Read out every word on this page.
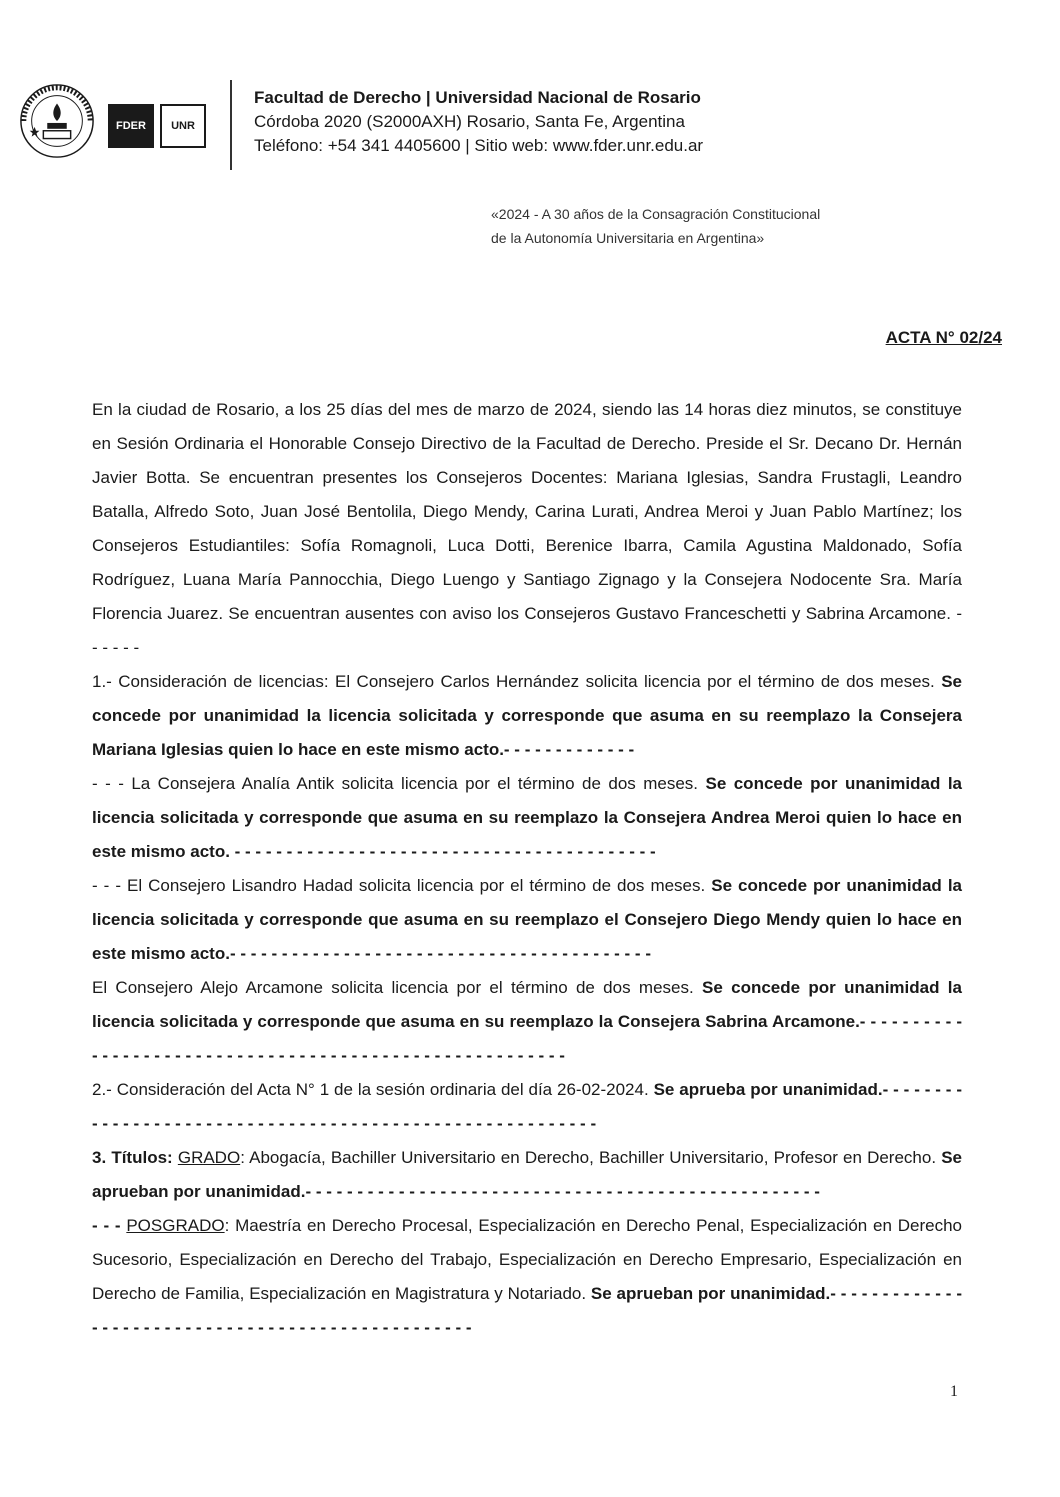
FDER	UNR
Facultad de Derecho | Universidad Nacional de Rosario
Córdoba 2020 (S2000AXH) Rosario, Santa Fe, Argentina
Teléfono: +54 341 4405600 | Sitio web: www.fder.unr.edu.ar
«2024 - A 30 años de la Consagración Constitucional
de la Autonomía Universitaria en Argentina»
ACTA N° 02/24

En la ciudad de Rosario, a los 25 días del mes de marzo de 2024, siendo las 14 horas diez minutos, se constituye en Sesión Ordinaria el Honorable Consejo Directivo de la Facultad de Derecho. Preside el Sr. Decano Dr. Hernán Javier Botta. Se encuentran presentes los Consejeros Docentes: Mariana Iglesias, Sandra Frustagli, Leandro Batalla, Alfredo Soto, Juan José Bentolila, Diego Mendy, Carina Lurati, Andrea Meroi y Juan Pablo Martínez; los Consejeros Estudiantiles: Sofía Romagnoli, Luca Dotti, Berenice Ibarra, Camila Agustina Maldonado, Sofía Rodríguez, Luana María Pannocchia, Diego Luengo y Santiago Zignago y la Consejera Nodocente Sra. María Florencia Juarez. Se encuentran ausentes con aviso los Consejeros Gustavo Franceschetti y Sabrina Arcamone. - - - - - -

1.- Consideración de licencias: El Consejero Carlos Hernández solicita licencia por el término de dos meses. Se concede por unanimidad la licencia solicitada y corresponde que asuma en su reemplazo la Consejera Mariana Iglesias quien lo hace en este mismo acto.- - - - - - - - - - - - -

- - - La Consejera Analía Antik solicita licencia por el término de dos meses. Se concede por unanimidad la licencia solicitada y corresponde que asuma en su reemplazo la Consejera Andrea Meroi quien lo hace en este mismo acto. - - - - - - - - - - - - - - - - - - - - - - - - - - - - - - - - - - - - - - - - -

- - - El Consejero Lisandro Hadad solicita licencia por el término de dos meses. Se concede por unanimidad la licencia solicitada y corresponde que asuma en su reemplazo el Consejero Diego Mendy quien lo hace en este mismo acto.- - - - - - - - - - - - - - - - - - - - - - - - - - - - - - - - - - - - - - - - -

El Consejero Alejo Arcamone solicita licencia por el término de dos meses. Se concede por unanimidad la licencia solicitada y corresponde que asuma en su reemplazo la Consejera Sabrina Arcamone.- - - - - - - - - - - - - - - - - - - - - - - - - - - - - - - - - - - - - - - - - - - - - - - - - - - - - - - -

2.- Consideración del Acta N° 1 de la sesión ordinaria del día 26-02-2024. Se aprueba por unanimidad.- - - - - - - - - - - - - - - - - - - - - - - - - - - - - - - - - - - - - - - - - - - - - - - - - - - - - - - - -

3. Títulos: GRADO: Abogacía, Bachiller Universitario en Derecho, Bachiller Universitario, Profesor en Derecho. Se aprueban por unanimidad.- - - - - - - - - - - - - - - - - - - - - - - - - - - - - - - - - - - - - - - - - - - - - - - - - -

- - - POSGRADO: Maestría en Derecho Procesal, Especialización en Derecho Penal, Especialización en Derecho Sucesorio, Especialización en Derecho del Trabajo, Especialización en Derecho Empresario, Especialización en Derecho de Familia, Especialización en Magistratura y Notariado. Se aprueban por unanimidad.- - - - - - - - - - - - - - - - - - - - - - - - - - - - - - - - - - - - - - - - - - - - - - - - - -

1
